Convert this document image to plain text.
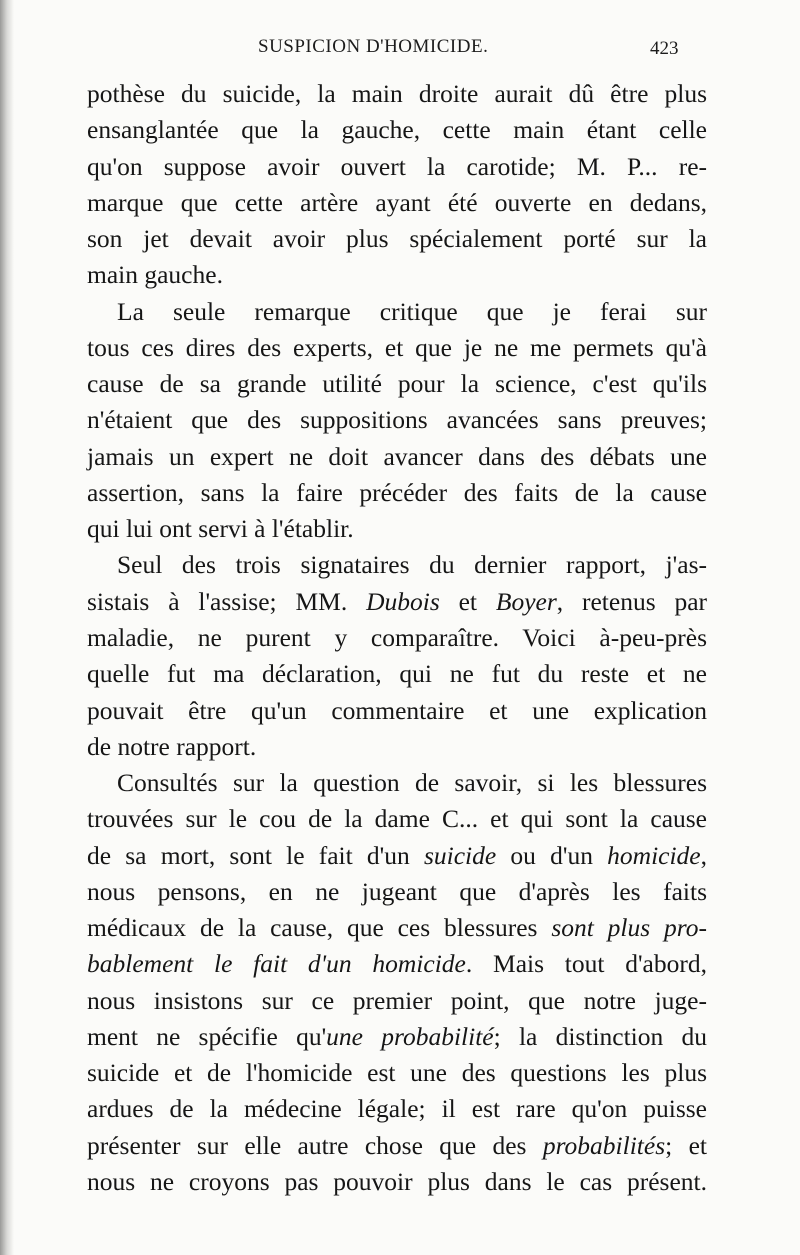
SUSPICION D'HOMICIDE.	423
pothèse du suicide, la main droite aurait dû être plus
ensanglantée que la gauche, cette main étant celle
qu'on suppose avoir ouvert la carotide; M. P... re-
marque que cette artère ayant été ouverte en dedans,
son jet devait avoir plus spécialement porté sur la
main gauche.
La seule remarque critique que je ferai sur
tous ces dires des experts, et que je ne me permets qu'à
cause de sa grande utilité pour la science, c'est qu'ils
n'étaient que des suppositions avancées sans preuves;
jamais un expert ne doit avancer dans des débats une
assertion, sans la faire précéder des faits de la cause
qui lui ont servi à l'établir.
Seul des trois signataires du dernier rapport, j'as-
sistais à l'assise; MM. Dubois et Boyer, retenus par
maladie, ne purent y comparaître. Voici à-peu-près
quelle fut ma déclaration, qui ne fut du reste et ne
pouvait être qu'un commentaire et une explication
de notre rapport.
Consultés sur la question de savoir, si les blessures
trouvées sur le cou de la dame C... et qui sont la cause
de sa mort, sont le fait d'un suicide ou d'un homicide,
nous pensons, en ne jugeant que d'après les faits
médicaux de la cause, que ces blessures sont plus pro-
bablement le fait d'un homicide. Mais tout d'abord,
nous insistons sur ce premier point, que notre juge-
ment ne spécifie qu'une probabilité; la distinction du
suicide et de l'homicide est une des questions les plus
ardues de la médecine légale; il est rare qu'on puisse
présenter sur elle autre chose que des probabilités; et
nous ne croyons pas pouvoir plus dans le cas présent.
